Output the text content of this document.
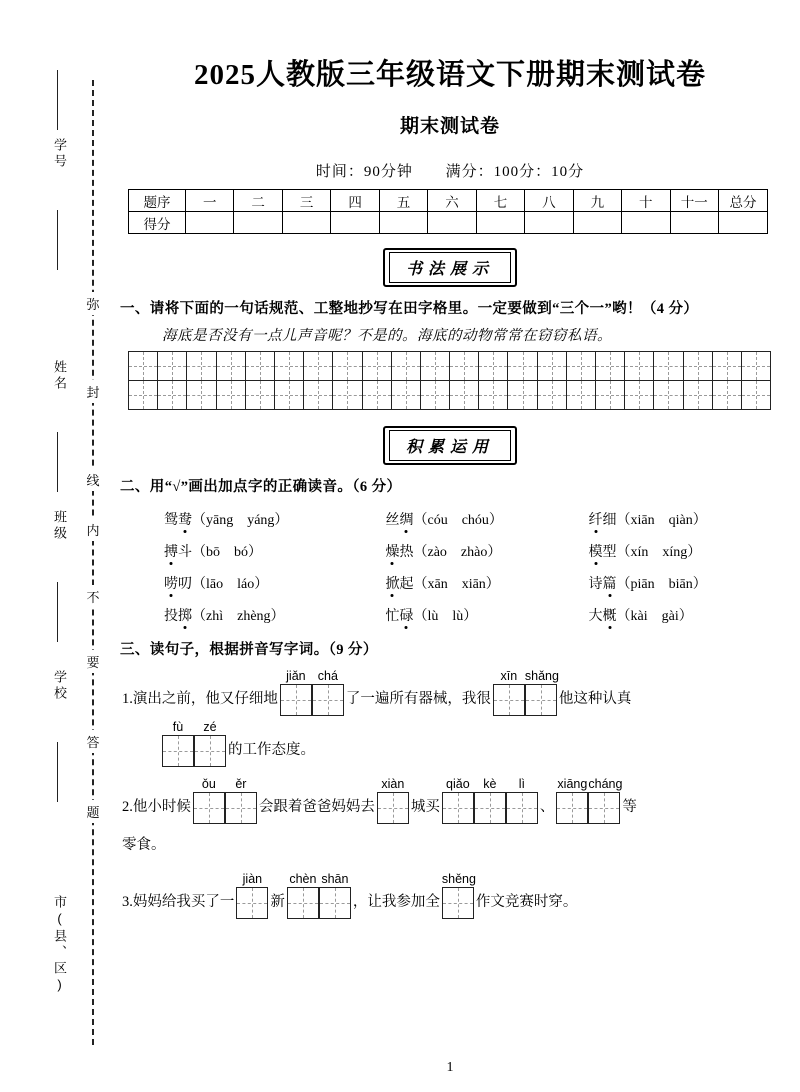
学号
姓名
班级
学校
市(县、区)
弥
封
线
内
不
要
答
题
2025人教版三年级语文下册期末测试卷
期末测试卷
时间：90分钟 满分：100分：10分
题序	一	二	三	四	五	六	七	八	九	十	十一	总分
得分												
书法展示
一、请将下面的一句话规范、工整地抄写在田字格里。一定要做到“三个一”哟！（4 分）
海底是否没有一点儿声音呢？不是的。海底的动物常常在窃窃私语。

积累运用
二、用“√”画出加点字的正确读音。（6 分）
鸳鸯（yāng　yáng）	丝绸（cóu　chóu）	纤细（xiān　qiàn）
搏斗（bō　bó）	燥热（zào　zhào）	模型（xín　xíng）
唠叨（lāo　láo）	掀起（xān　xiān）	诗篇（piān　biān）
投掷（zhì　zhèng）	忙碌（lù　lù）	大概（kài　gài）
三、读句子，根据拼音写字词。（9 分）
1.演出之前，他又仔细地
jiǎn chá
了一遍所有器械，我很
xīn shǎng
他这种认真
fù	zé
的工作态度。
2.他小时候
ǒu	ěr
会跟着爸爸妈妈去
xiàn
城买
qiǎo	kè	lì
、
xiāng cháng
等
零食。
3.妈妈给我买了一
jiàn
新
chèn shān
，让我参加全
shěng
作文竞赛时穿。
1
